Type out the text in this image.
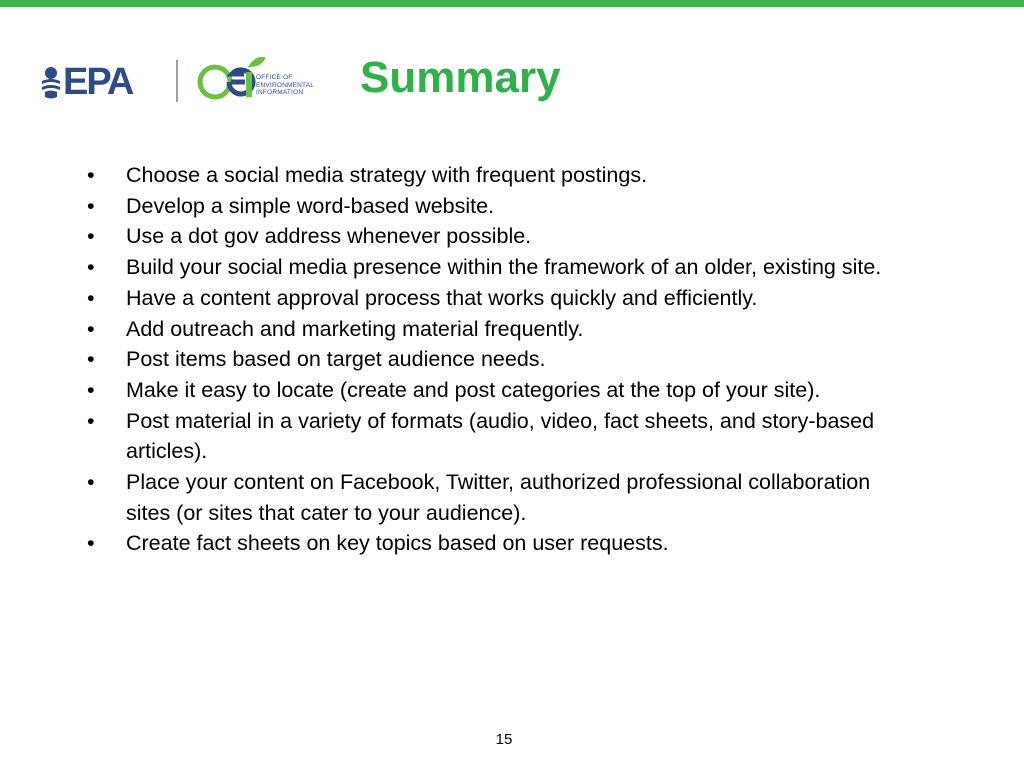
EPA	OFFICE OF
ENVIRONMENTAL
INFORMATION Summary
• Choose a social media strategy with frequent postings.
• Develop a simple word-based website.
• Use a dot gov address whenever possible.
• Build your social media presence within the framework of an older, existing site.
• Have a content approval process that works quickly and efficiently.
• Add outreach and marketing material frequently.
• Post items based on target audience needs.
• Make it easy to locate (create and post categories at the top of your site).
• Post material in a variety of formats (audio, video, fact sheets, and story-based articles).
• Place your content on Facebook, Twitter, authorized professional collaboration sites (or sites that cater to your audience).
• Create fact sheets on key topics based on user requests.
15
